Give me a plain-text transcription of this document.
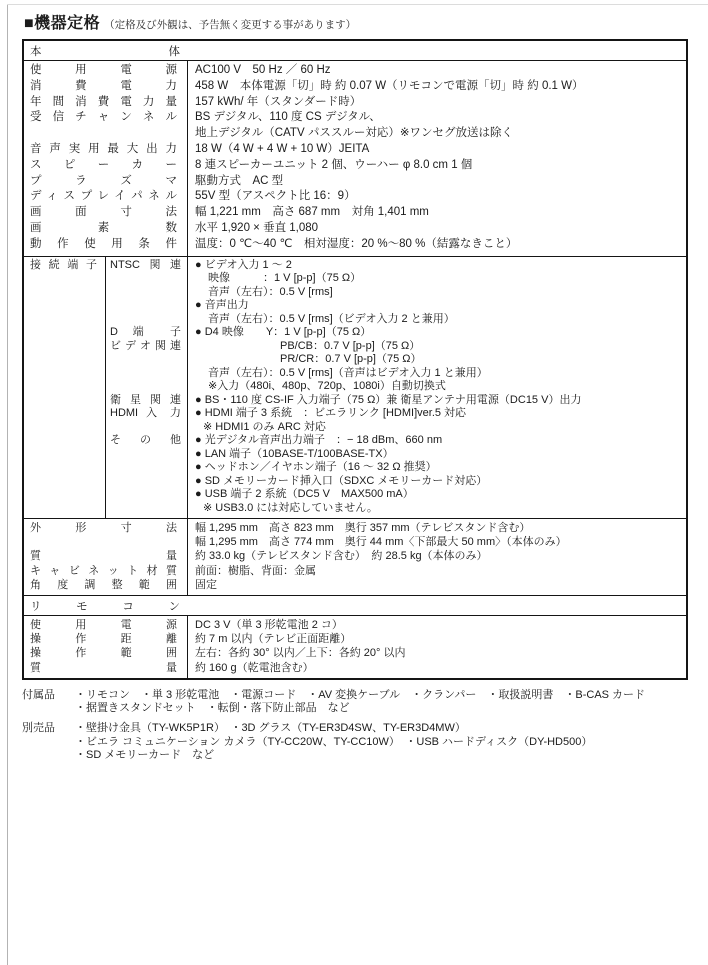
■機器定格 （定格及び外観は、予告無く変更する事があります）
本 体
使 用 電 源 AC100 V　50 Hz ／ 60 Hz
消 費 電 力 458 W　本体電源「切」時 約 0.07 W（リモコンで電源「切」時 約 0.1 W）
年 間 消 費 電 力 量 157 kWh/ 年（スタンダード時）
受 信 チ ャ ン ネ ル BS デジタル、110 度 CS デジタル、
地上デジタル（CATV パススルー対応）※ワンセグ放送は除く
音 声 実 用 最 大 出 力 18 W（4 W + 4 W + 10 W）JEITA
ス ピ ー カ ー 8 連スピーカーユニット 2 個、ウーハー φ 8.0 cm 1 個
プ ラ ズ マ
ディスプレイパネル
駆動方式　AC 型
55V 型（アスペクト比 16：9）
画 面 寸 法 幅 1,221 mm　高さ 687 mm　対角 1,401 mm
画 素 数 水平 1,920 × 垂直 1,080
動 作 使 用 条 件 温度：0 ℃〜40 ℃　相対湿度：20 %〜80 %（結露なきこと）
接 続 端 子 NTSC関連 ● ビデオ入力 1 〜 2
映像　　　：1 V [p-p]（75 Ω）
音声（左右）：0.5 V [rms]
● 音声出力
音声（左右）：0.5 V [rms]（ビデオ入力 2 と兼用）
D 端 子
ビデオ関連
● D4 映像　　Y：1 V [p-p]（75 Ω）
PB/CB：0.7 V [p-p]（75 Ω）
PR/CR：0.7 V [p-p]（75 Ω）
音声（左右）：0.5 V [rms]（音声はビデオ入力 1 と兼用）
※入力（480i、480p、720p、1080i）自動切換式
衛 星 関 連 ● BS・110 度 CS-IF 入力端子（75 Ω）兼 衛星アンテナ用電源（DC15 V）出力
HDMI 入 力 ● HDMI 端子 3 系統　：ビエラリンク [HDMI]ver.5 対応
※ HDMI1 のみ ARC 対応
そ の 他 ● 光デジタル音声出力端子　：− 18 dBm、660 nm
● LAN 端子（10BASE-T/100BASE-TX）
● ヘッドホン／イヤホン端子（16 〜 32 Ω 推奨）
● SD メモリーカード挿入口（SDXC メモリーカード対応）
● USB 端子 2 系統（DC5 V　MAX500 mA）
※ USB3.0 には対応していません。
外 形 寸 法 幅 1,295 mm　高さ 823 mm　奥行 357 mm（テレビスタンド含む）
幅 1,295 mm　高さ 774 mm　奥行 44 mm〈下部最大 50 mm〉（本体のみ）
質 量 約 33.0 kg（テレビスタンド含む）　約 28.5 kg（本体のみ）
キ ャ ビ ネ ッ ト 材 質 前面：樹脂、背面：金属
角 度 調 整 範 囲 固定
リ モ コ ン
使 用 電 源 DC 3 V（単 3 形乾電池 2 コ）
操 作 距 離 約 7 m 以内（テレビ正面距離）
操 作 範 囲 左右：各約 30° 以内／上下：各約 20° 以内
質 量 約 160 g（乾電池含む）
付属品	・リモコン　・単 3 形乾電池　・電源コード　・AV 変換ケーブル　・クランパー　・取扱説明書　・B-CAS カード
・据置きスタンドセット　・転倒・落下防止部品　など
別売品	・壁掛け金具（TY-WK5P1R）　・3D グラス（TY-ER3D4SW、TY-ER3D4MW）
・ビエラ コミュニケーション カメラ（TY-CC20W、TY-CC10W）　・USB ハードディスク（DY-HD500）
・SD メモリーカード　など
